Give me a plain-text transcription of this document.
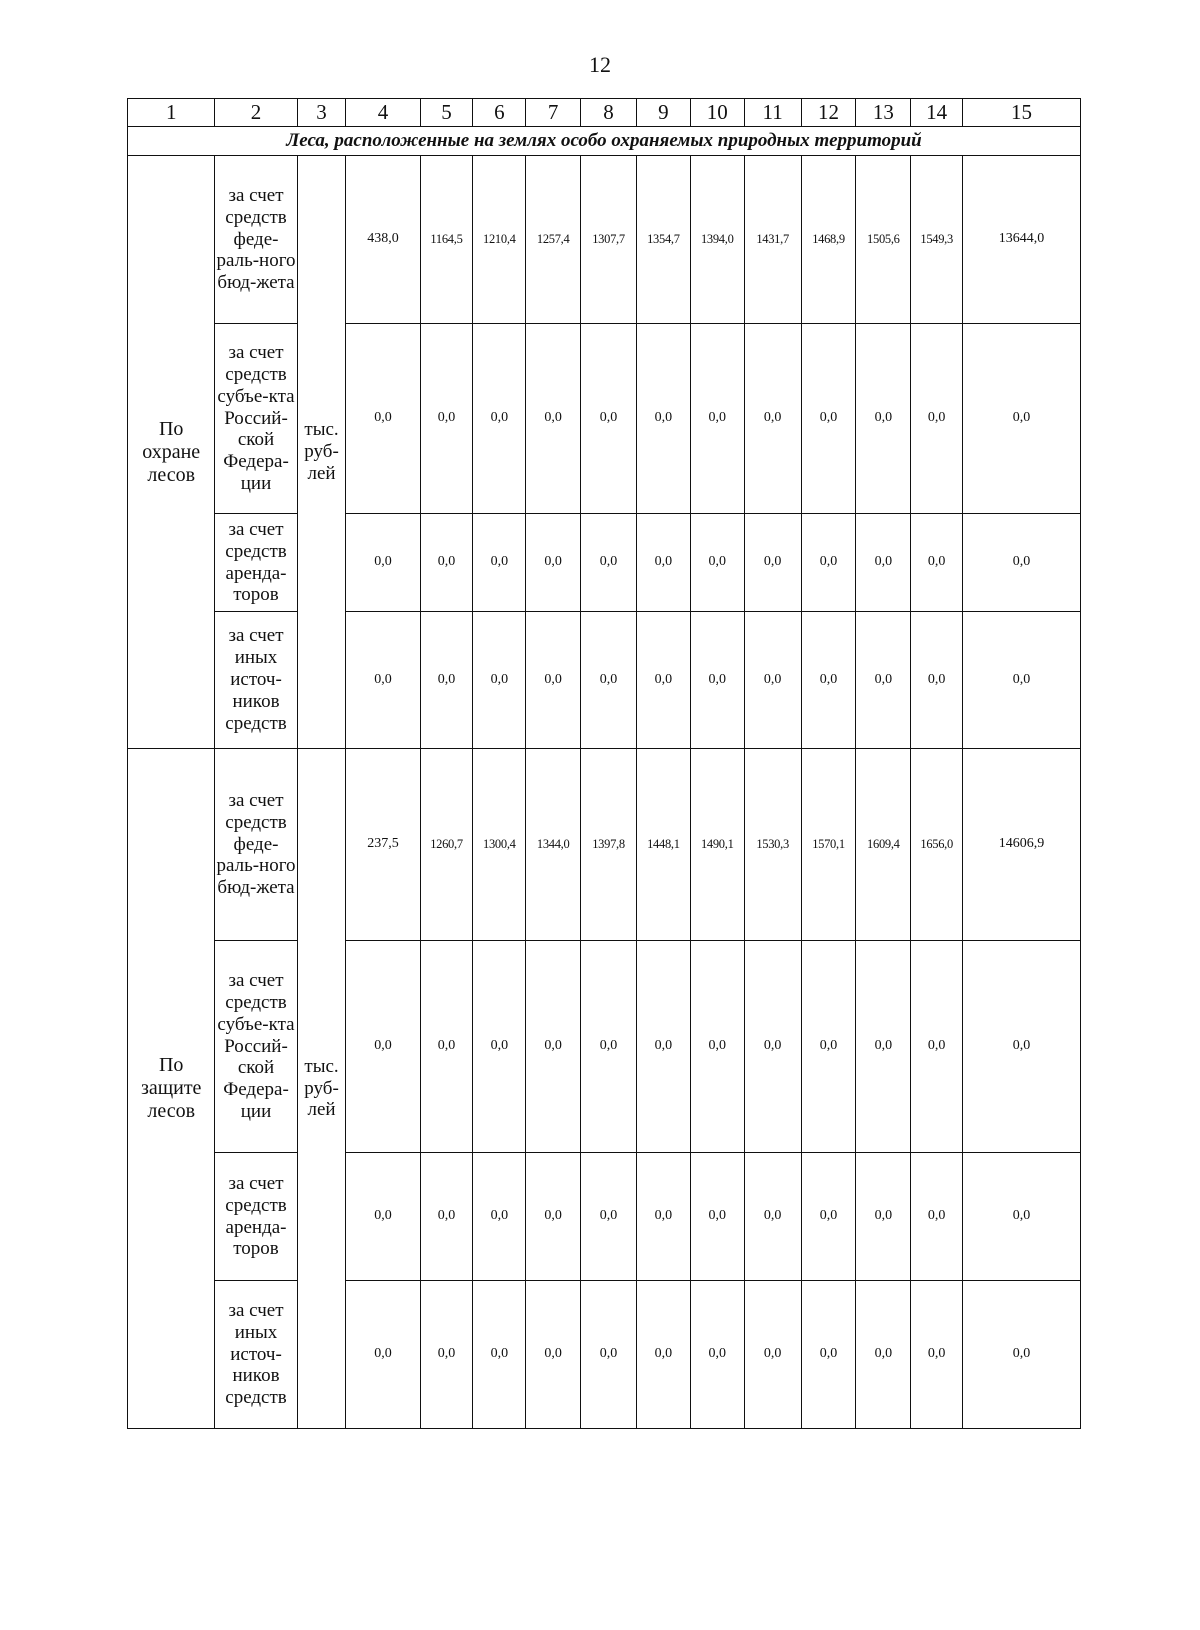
12
1	2	3	4	5	6	7	8	9	10	11	12	13	14	15
Леса, расположенные на землях особо охраняемых природных территорий														
По охране лесов	за счет средств феде-раль-ного бюд-жета	тыс. руб-лей	438,0	1164,5	1210,4	1257,4	1307,7	1354,7	1394,0	1431,7	1468,9	1505,6	1549,3	13644,0
	за счет средств субъе-кта Россий-ской Федера-ции		0,0	0,0	0,0	0,0	0,0	0,0	0,0	0,0	0,0	0,0	0,0	0,0
	за счет средств аренда-торов		0,0	0,0	0,0	0,0	0,0	0,0	0,0	0,0	0,0	0,0	0,0	0,0
	за счет иных источ-ников средств		0,0	0,0	0,0	0,0	0,0	0,0	0,0	0,0	0,0	0,0	0,0	0,0
По защите лесов	за счет средств феде-раль-ного бюд-жета	тыс. руб-лей	237,5	1260,7	1300,4	1344,0	1397,8	1448,1	1490,1	1530,3	1570,1	1609,4	1656,0	14606,9
	за счет средств субъе-кта Россий-ской Федера-ции		0,0	0,0	0,0	0,0	0,0	0,0	0,0	0,0	0,0	0,0	0,0	0,0
	за счет средств аренда-торов		0,0	0,0	0,0	0,0	0,0	0,0	0,0	0,0	0,0	0,0	0,0	0,0
	за счет иных источ-ников средств		0,0	0,0	0,0	0,0	0,0	0,0	0,0	0,0	0,0	0,0	0,0	0,0
